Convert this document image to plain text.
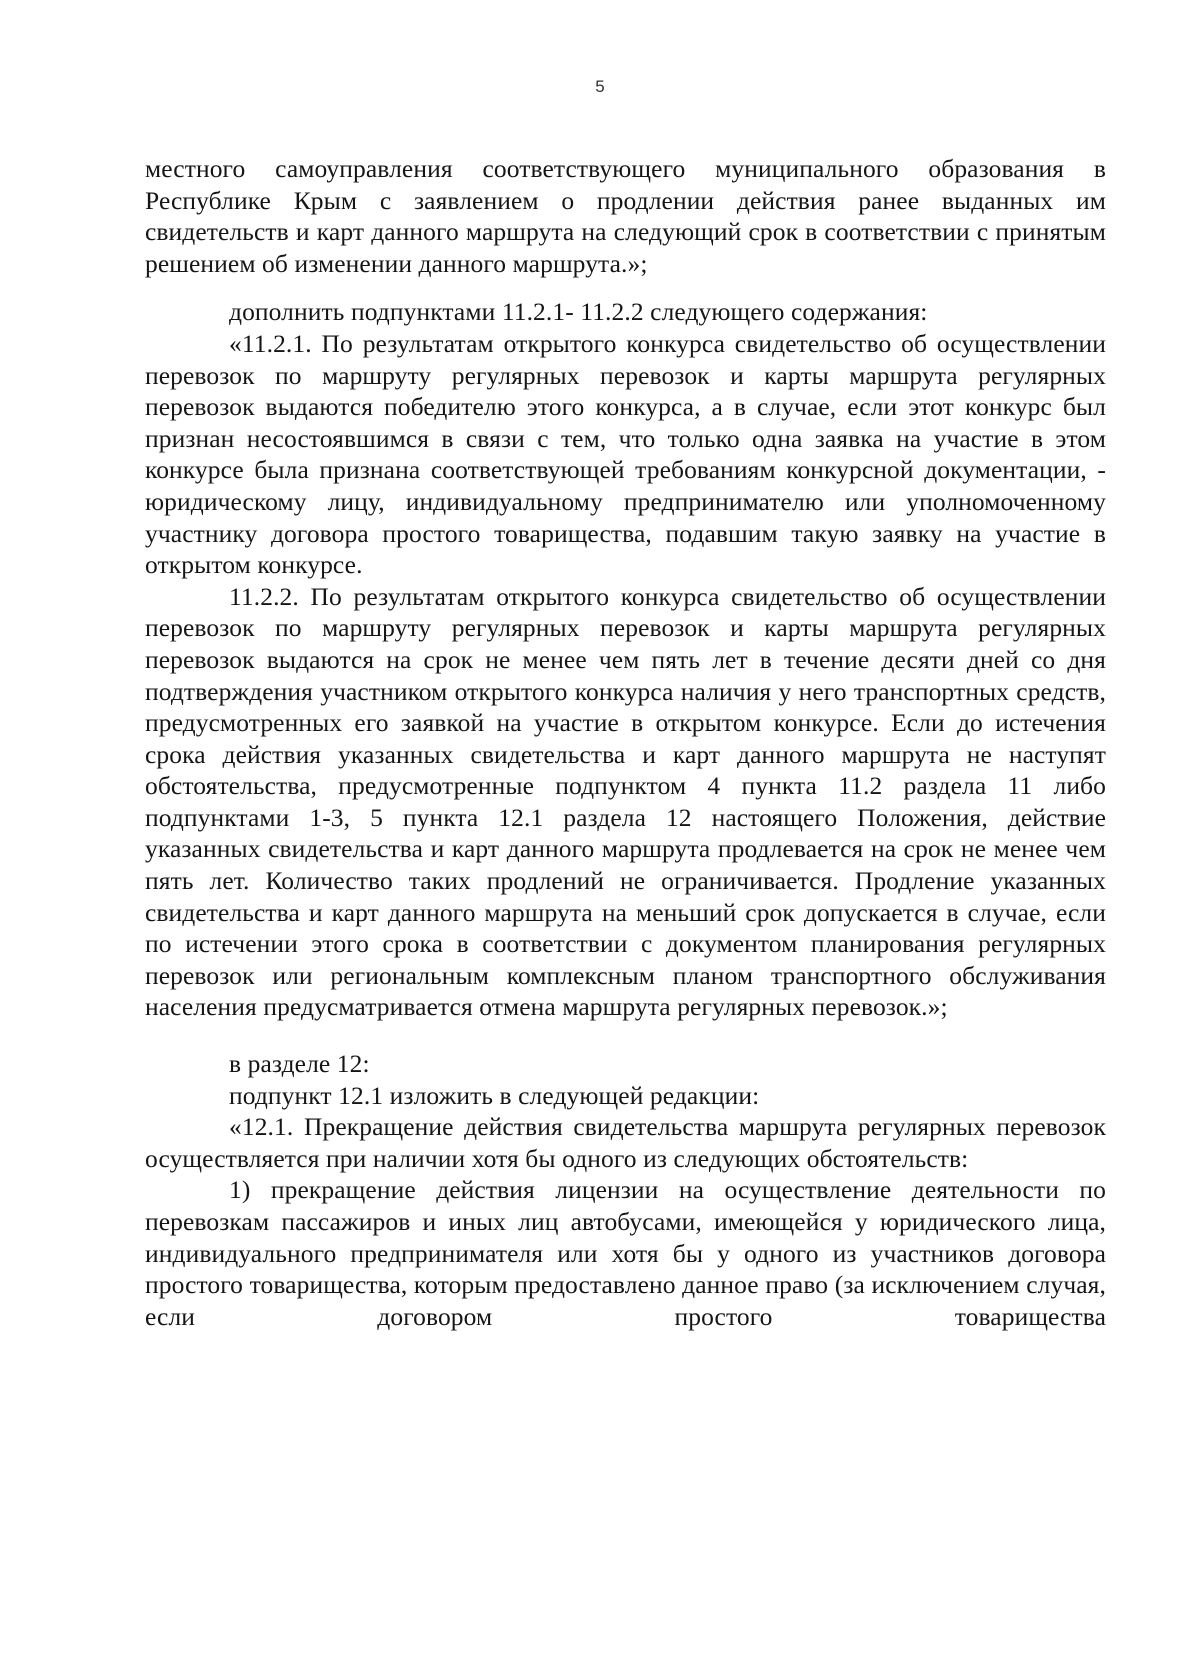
5

местного самоуправления соответствующего муниципального образования в Республике Крым с заявлением о продлении действия ранее выданных им свидетельств и карт данного маршрута на следующий срок в соответствии с принятым решением об изменении данного маршрута.»;

дополнить подпунктами 11.2.1- 11.2.2 следующего содержания:

«11.2.1. По результатам открытого конкурса свидетельство об осуществлении перевозок по маршруту регулярных перевозок и карты маршрута регулярных перевозок выдаются победителю этого конкурса, а в случае, если этот конкурс был признан несостоявшимся в связи с тем, что только одна заявка на участие в этом конкурсе была признана соответствующей требованиям конкурсной документации, - юридическому лицу, индивидуальному предпринимателю или уполномоченному участнику договора простого товарищества, подавшим такую заявку на участие в открытом конкурсе.

11.2.2. По результатам открытого конкурса свидетельство об осуществлении перевозок по маршруту регулярных перевозок и карты маршрута регулярных перевозок выдаются на срок не менее чем пять лет в течение десяти дней со дня подтверждения участником открытого конкурса наличия у него транспортных средств, предусмотренных его заявкой на участие в открытом конкурсе. Если до истечения срока действия указанных свидетельства и карт данного маршрута не наступят обстоятельства, предусмотренные подпунктом 4 пункта 11.2 раздела 11 либо подпунктами 1-3, 5 пункта 12.1 раздела 12 настоящего Положения, действие указанных свидетельства и карт данного маршрута продлевается на срок не менее чем пять лет. Количество таких продлений не ограничивается. Продление указанных свидетельства и карт данного маршрута на меньший срок допускается в случае, если по истечении этого срока в соответствии с документом планирования регулярных перевозок или региональным комплексным планом транспортного обслуживания населения предусматривается отмена маршрута регулярных перевозок.»;

в разделе 12:

подпункт 12.1 изложить в следующей редакции:

«12.1. Прекращение действия свидетельства маршрута регулярных перевозок осуществляется при наличии хотя бы одного из следующих обстоятельств:

1) прекращение действия лицензии на осуществление деятельности по перевозкам пассажиров и иных лиц автобусами, имеющейся у юридического лица, индивидуального предпринимателя или хотя бы у одного из участников договора простого товарищества, которым предоставлено данное право (за исключением случая, если договором простого товарищества
